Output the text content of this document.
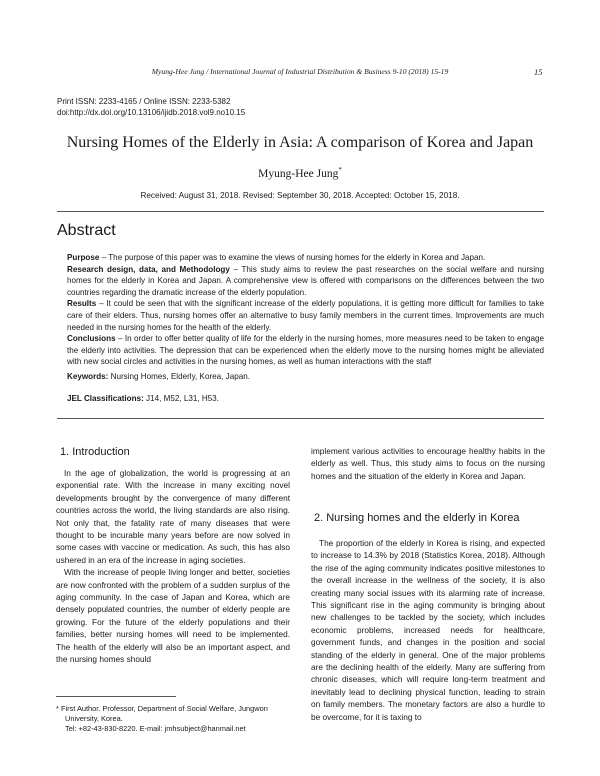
Myung-Hee Jung / International Journal of Industrial Distribution & Business 9-10 (2018) 15-19	15
Print ISSN: 2233-4165 / Online ISSN: 2233-5382
doi:http://dx.doi.org/10.13106/ijidb.2018.vol9.no10.15
Nursing Homes of the Elderly in Asia: A comparison of Korea and Japan
Myung-Hee Jung*
Received: August 31, 2018. Revised: September 30, 2018. Accepted: October 15, 2018.
Abstract

Purpose – The purpose of this paper was to examine the views of nursing homes for the elderly in Korea and Japan.

Research design, data, and Methodology – This study aims to review the past researches on the social welfare and nursing homes for the elderly in Korea and Japan. A comprehensive view is offered with comparisons on the differences between the two countries regarding the dramatic increase of the elderly population.

Results – It could be seen that with the significant increase of the elderly populations, it is getting more difficult for families to take care of their elders. Thus, nursing homes offer an alternative to busy family members in the current times. Improvements are much needed in the nursing homes for the health of the elderly.

Conclusions – In order to offer better quality of life for the elderly in the nursing homes, more measures need to be taken to engage the elderly into activities. The depression that can be experienced when the elderly move to the nursing homes might be alleviated with new social circles and activities in the nursing homes, as well as human interactions with the staff

Keywords: Nursing Homes, Elderly, Korea, Japan.
JEL Classifications: J14, M52, L31, H53.
1. Introduction

In the age of globalization, the world is progressing at an exponential rate. With the increase in many exciting novel developments brought by the convergence of many different countries across the world, the living standards are also rising. Not only that, the fatality rate of many diseases that were thought to be incurable many years before are now solved in some cases with vaccine or medication. As such, this has also ushered in an era of the increase in aging societies.

With the increase of people living longer and better, societies are now confronted with the problem of a sudden surplus of the aging community. In the case of Japan and Korea, which are densely populated countries, the number of elderly people are growing. For the future of the elderly populations and their families, better nursing homes will need to be implemented. The health of the elderly will also be an important aspect, and the nursing homes should

implement various activities to encourage healthy habits in the elderly as well. Thus, this study aims to focus on the nursing homes and the situation of the elderly in Korea and Japan.

2. Nursing homes and the elderly in Korea

The proportion of the elderly in Korea is rising, and expected to increase to 14.3% by 2018 (Statistics Korea, 2018). Although the rise of the aging community indicates positive milestones to the overall increase in the wellness of the society, it is also creating many social issues with its alarming rate of increase. This significant rise in the aging community is bringing about new challenges to be tackled by the society, which includes economic problems, increased needs for healthcare, government funds, and changes in the position and social standing of the elderly in general. One of the major problems are the declining health of the elderly. Many are suffering from chronic diseases, which will require long-term treatment and inevitably lead to declining physical function, leading to strain on family members. The monetary factors are also a hurdle to be overcome, for it is taxing to

* First Author. Professor, Department of Social Welfare, Jungwon
University, Korea.
Tel: +82-43-830-8220. E-mail: jmhsubject@hanmail.net
